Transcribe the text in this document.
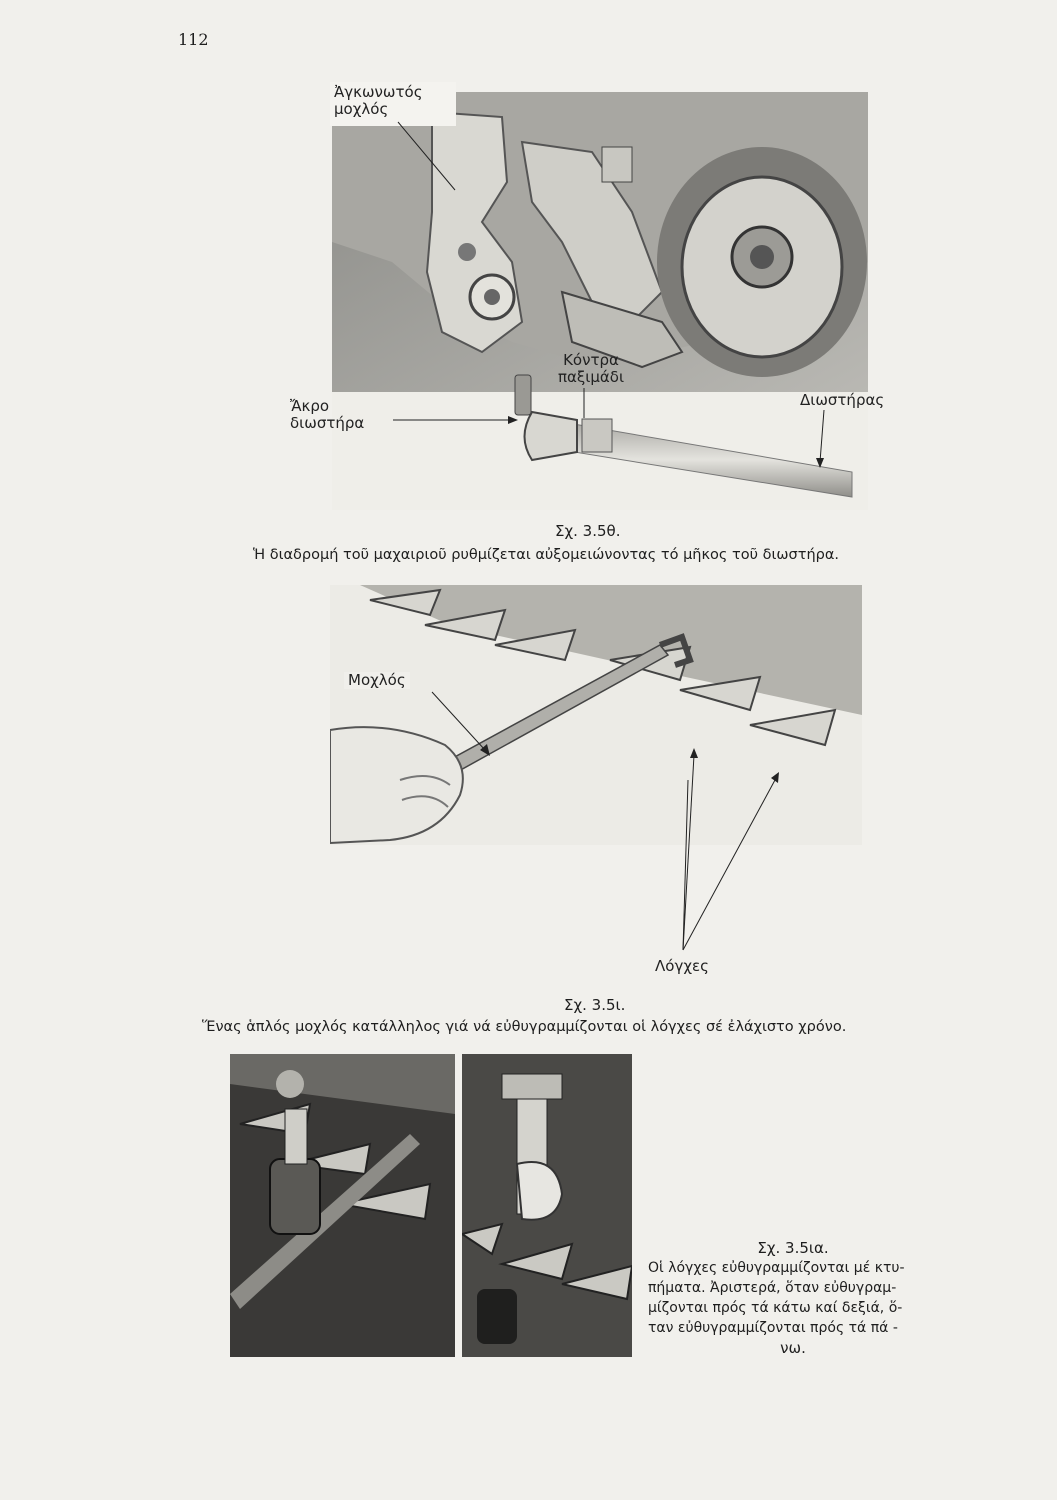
112
Ἀγκωνωτός
μοχλός
Κόντρα
παξιμάδι
Ἄκρο
διωστήρα
Διωστήρας
Σχ. 3.5θ.
Ἡ διαδρομή τοῦ μαχαιριοῦ ρυθμίζεται αὐξομειώνοντας τό μῆκος τοῦ διωστήρα.
Μοχλός
Λόγχες
Σχ. 3.5ι.
Ἕνας ἁπλός μοχλός κατάλληλος γιά νά εὐθυγραμμίζονται οἱ λόγχες σέ ἐλάχιστο χρόνο.
Σχ. 3.5ια.
Οἱ λόγχες εὐθυγραμμίζονται μέ κτυ-
πήματα. Ἀριστερά, ὅταν εὐθυγραμ-
μίζονται πρός τά κάτω καί δεξιά, ὅ-
ταν εὐθυγραμμίζονται πρός τά πά -
νω.
